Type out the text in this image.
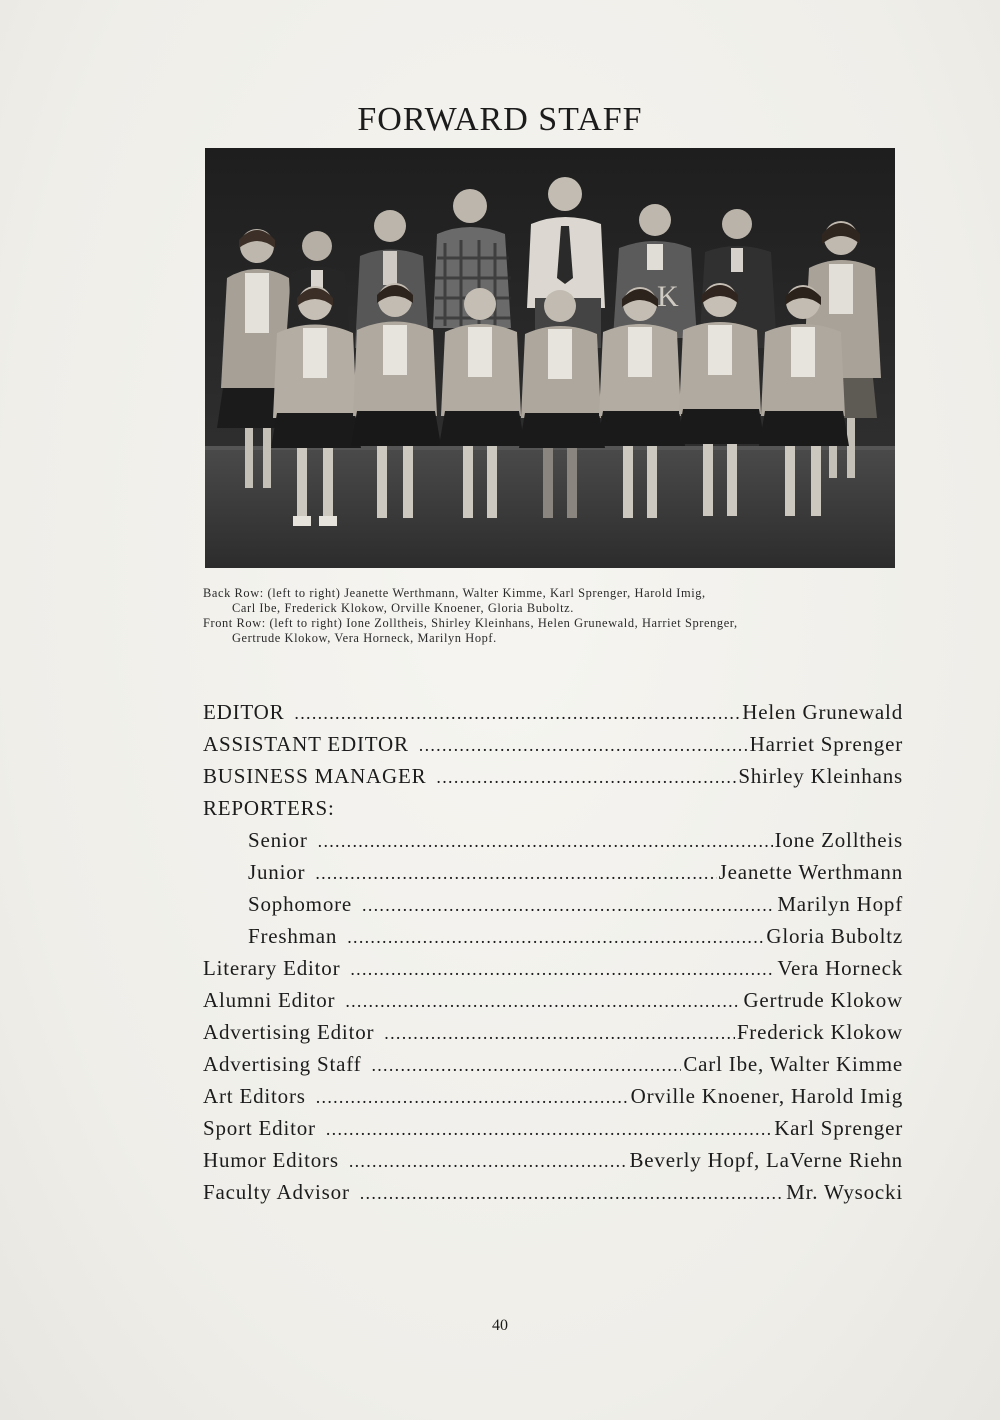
FORWARD STAFF
K
Back Row: (left to right) Jeanette Werthmann, Walter Kimme, Karl Sprenger, Harold Imig,
Carl Ibe, Frederick Klokow, Orville Knoener, Gloria Buboltz.
Front Row: (left to right) Ione Zolltheis, Shirley Kleinhans, Helen Grunewald, Harriet Sprenger,
Gertrude Klokow, Vera Horneck, Marilyn Hopf.
EDITOR . . .	Helen Grunewald
ASSISTANT EDITOR . . .	Harriet Sprenger
BUSINESS MANAGER . . .	Shirley Kleinhans
REPORTERS:
Senior . . .	Ione Zolltheis
Junior . . .	Jeanette Werthmann
Sophomore . . .	Marilyn Hopf
Freshman . . .	Gloria Buboltz
Literary Editor . . .	Vera Horneck
Alumni Editor . . .	Gertrude Klokow
Advertising Editor . . .	Frederick Klokow
Advertising Staff . . .	Carl Ibe, Walter Kimme
Art Editors . . .	Orville Knoener, Harold Imig
Sport Editor . . .	Karl Sprenger
Humor Editors . . .	Beverly Hopf, LaVerne Riehn
Faculty Advisor . . .	Mr. Wysocki
40
